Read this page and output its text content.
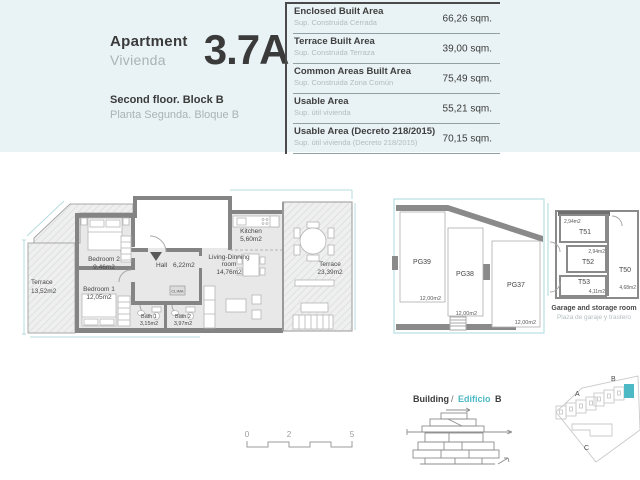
Apartment
Vivienda 3.7A
Second floor. Block B
Planta Segunda. Bloque B
Enclosed Built Area
Sup. Construida Cerrada	66,26 sqm.
Terrace Built Area
Sup. Construida Terraza	39,00 sqm.
Common Areas Built Area
Sup. Construida Zona Común	75,49 sqm.
Usable Area
Sup. útil vivienda	55,21 sqm.
Usable Area (Decreto 218/2015)
Sup. útil vivienda (Decreto 218/2015)	70,15 sqm.
CLIMA
Terrace
13,52m2
Bedroom 2
9,46m2
Bedroom 1
12,05m2
Hall 6,22m2
Kitchen
5,60m2
Living-Dinning
room
14,76m2
Bath 1
3,15m2
Bath 2
3,97m2
Terrace
23,39m2
PG39
12,00m2
PG38
12,00m2
PG37
12,00m2
2,94m2
T51
2,94m2
T52
T50
T53
4,11m2
4,68m2
Garage and storage room
Plaza de garaje y trastero
Building / Edificio B	A
B
C
0	2	5
